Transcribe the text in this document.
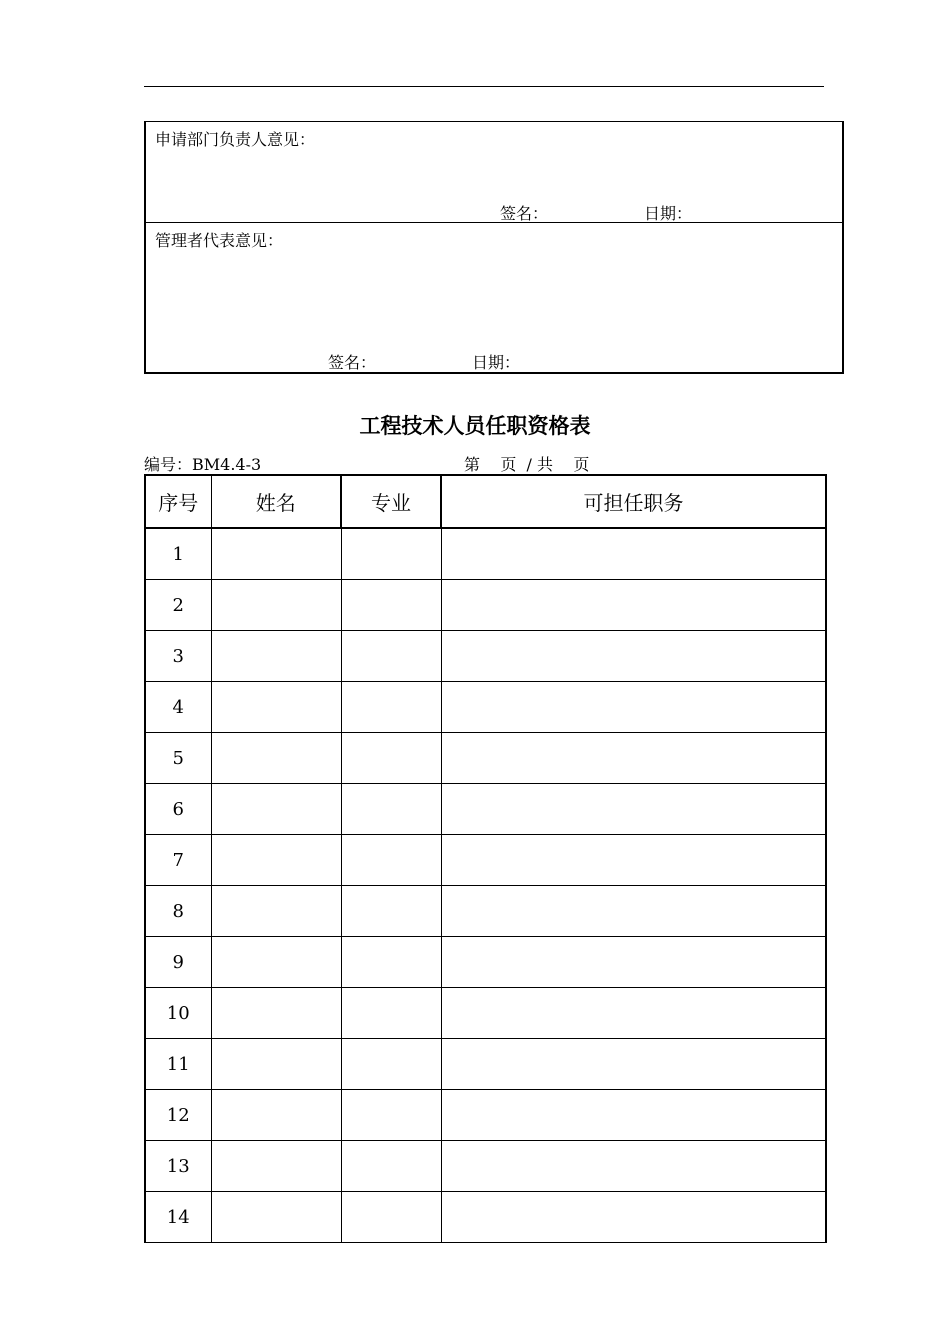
申请部门负责人意见：
签名：	日期：
管理者代表意见：
签名：	日期：
工程技术人员任职资格表
编号：BM4.4-3	第    页  / 共    页
序号	姓名	专业	可担任职务
1			
2			
3			
4			
5			
6			
7			
8			
9			
10			
11			
12			
13			
14			
